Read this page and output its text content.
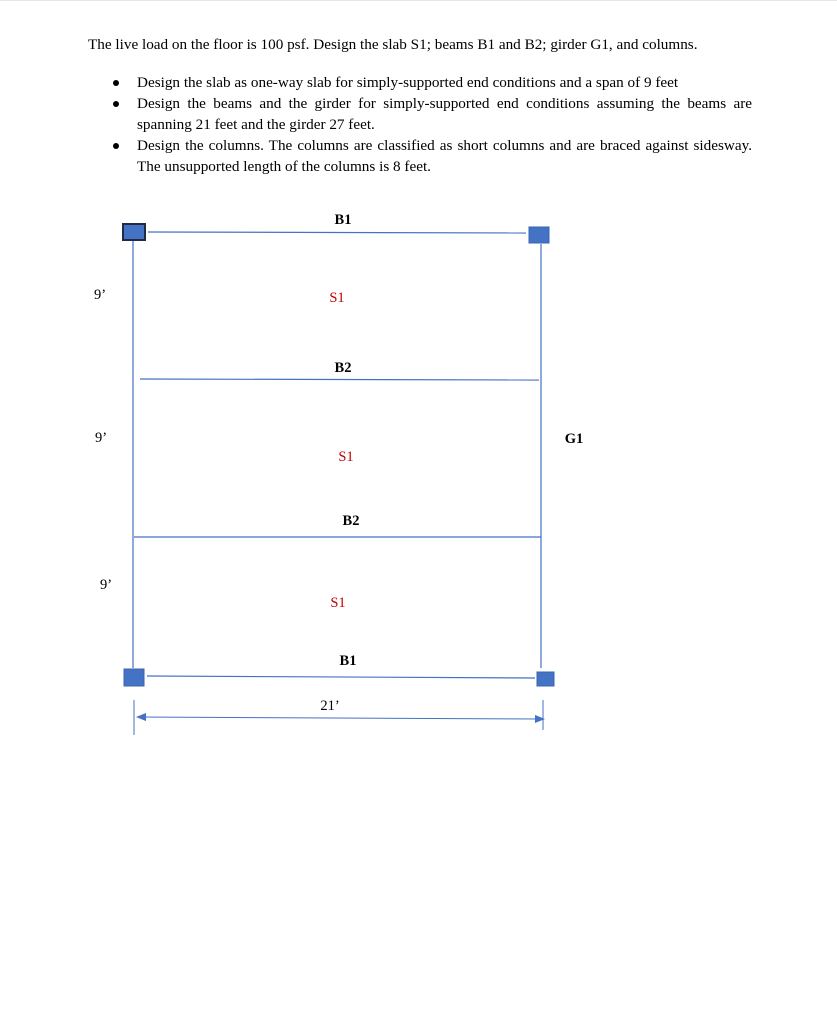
The live load on the floor is 100 psf. Design the slab S1; beams B1 and B2; girder G1, and columns.
Design the slab as one-way slab for simply-supported end conditions and a span of 9 feet
Design the beams and the girder for simply-supported end conditions assuming the beams are spanning 21 feet and the girder 27 feet.
Design the columns. The columns are classified as short columns and are braced against sidesway. The unsupported length of the columns is 8 feet.
B1
B2
B2
B1
S1
S1
S1
G1
9’
9’
9’
21’
